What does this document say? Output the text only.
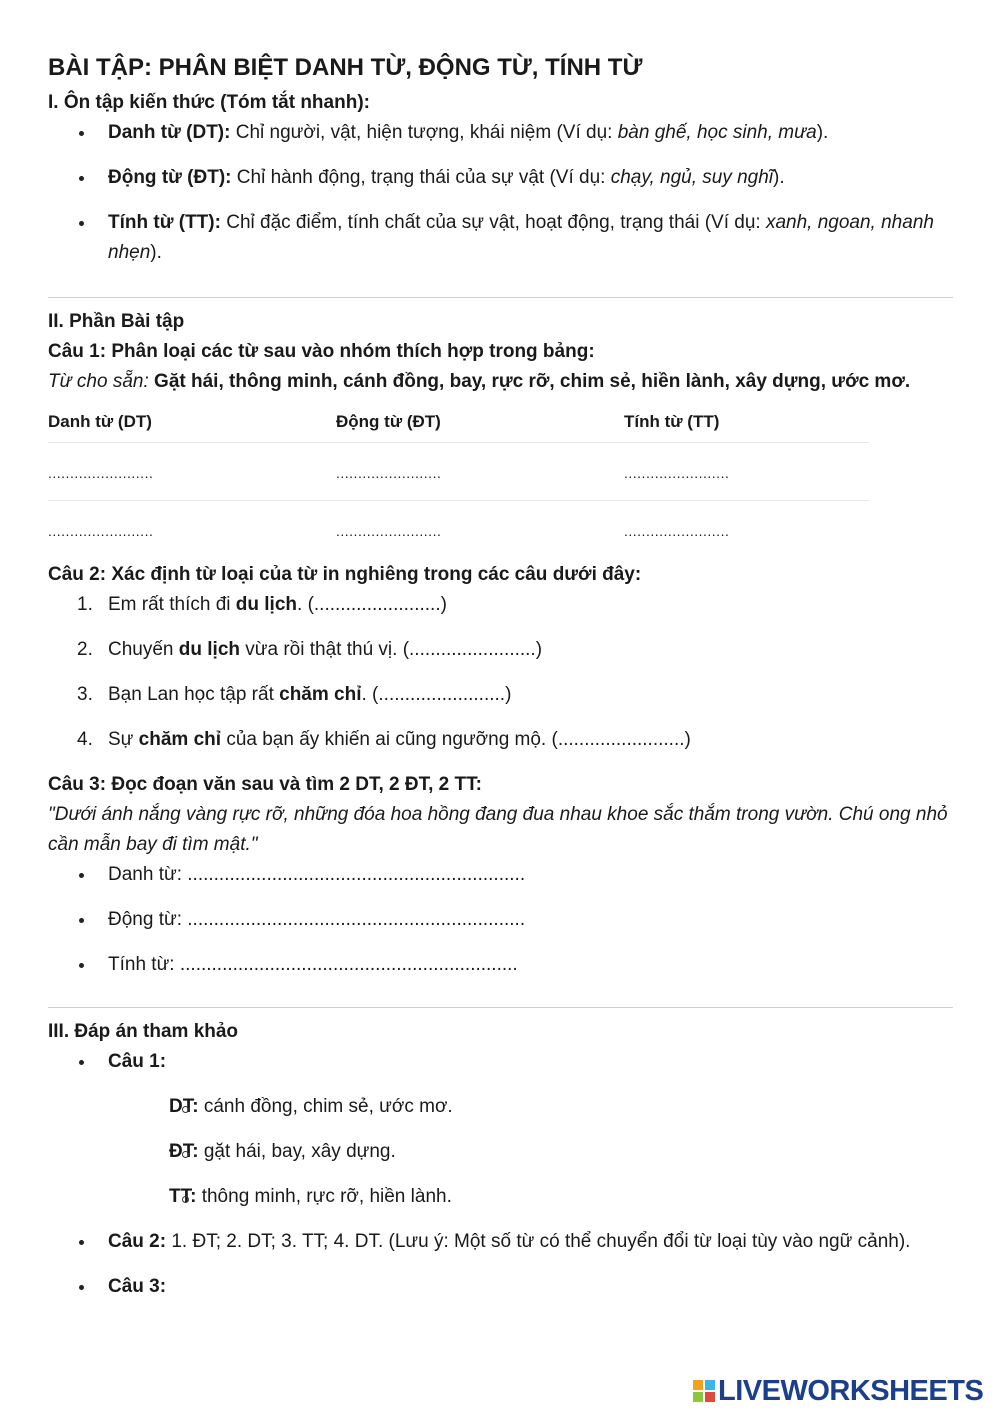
BÀI TẬP: PHÂN BIỆT DANH TỪ, ĐỘNG TỪ, TÍNH TỪ
I. Ôn tập kiến thức (Tóm tắt nhanh):
Danh từ (DT): Chỉ người, vật, hiện tượng, khái niệm (Ví dụ: bàn ghế, học sinh, mưa).
Động từ (ĐT): Chỉ hành động, trạng thái của sự vật (Ví dụ: chạy, ngủ, suy nghĩ).
Tính từ (TT): Chỉ đặc điểm, tính chất của sự vật, hoạt động, trạng thái (Ví dụ: xanh, ngoan, nhanh nhẹn).
II. Phần Bài tập
Câu 1: Phân loại các từ sau vào nhóm thích hợp trong bảng:
Từ cho sẵn: Gặt hái, thông minh, cánh đồng, bay, rực rỡ, chim sẻ, hiền lành, xây dựng, ước mơ.
Danh từ (DT)	Động từ (ĐT)	Tính từ (TT)
........................	........................	........................
........................	........................	........................
Câu 2: Xác định từ loại của từ in nghiêng trong các câu dưới đây:
1. Em rất thích đi du lịch. (........................)
2. Chuyến du lịch vừa rồi thật thú vị. (........................)
3. Bạn Lan học tập rất chăm chỉ. (........................)
4. Sự chăm chỉ của bạn ấy khiến ai cũng ngưỡng mộ. (........................)
Câu 3: Đọc đoạn văn sau và tìm 2 DT, 2 ĐT, 2 TT:
"Dưới ánh nắng vàng rực rỡ, những đóa hoa hồng đang đua nhau khoe sắc thắm trong vườn. Chú ong nhỏ cần mẫn bay đi tìm mật."
Danh từ: ................................................................
Động từ: ................................................................
Tính từ: ................................................................
III. Đáp án tham khảo
Câu 1:
DT: cánh đồng, chim sẻ, ước mơ.
ĐT: gặt hái, bay, xây dựng.
TT: thông minh, rực rỡ, hiền lành.
Câu 2: 1. ĐT; 2. DT; 3. TT; 4. DT. (Lưu ý: Một số từ có thể chuyển đổi từ loại tùy vào ngữ cảnh).
Câu 3:
LIVEWORKSHEETS
